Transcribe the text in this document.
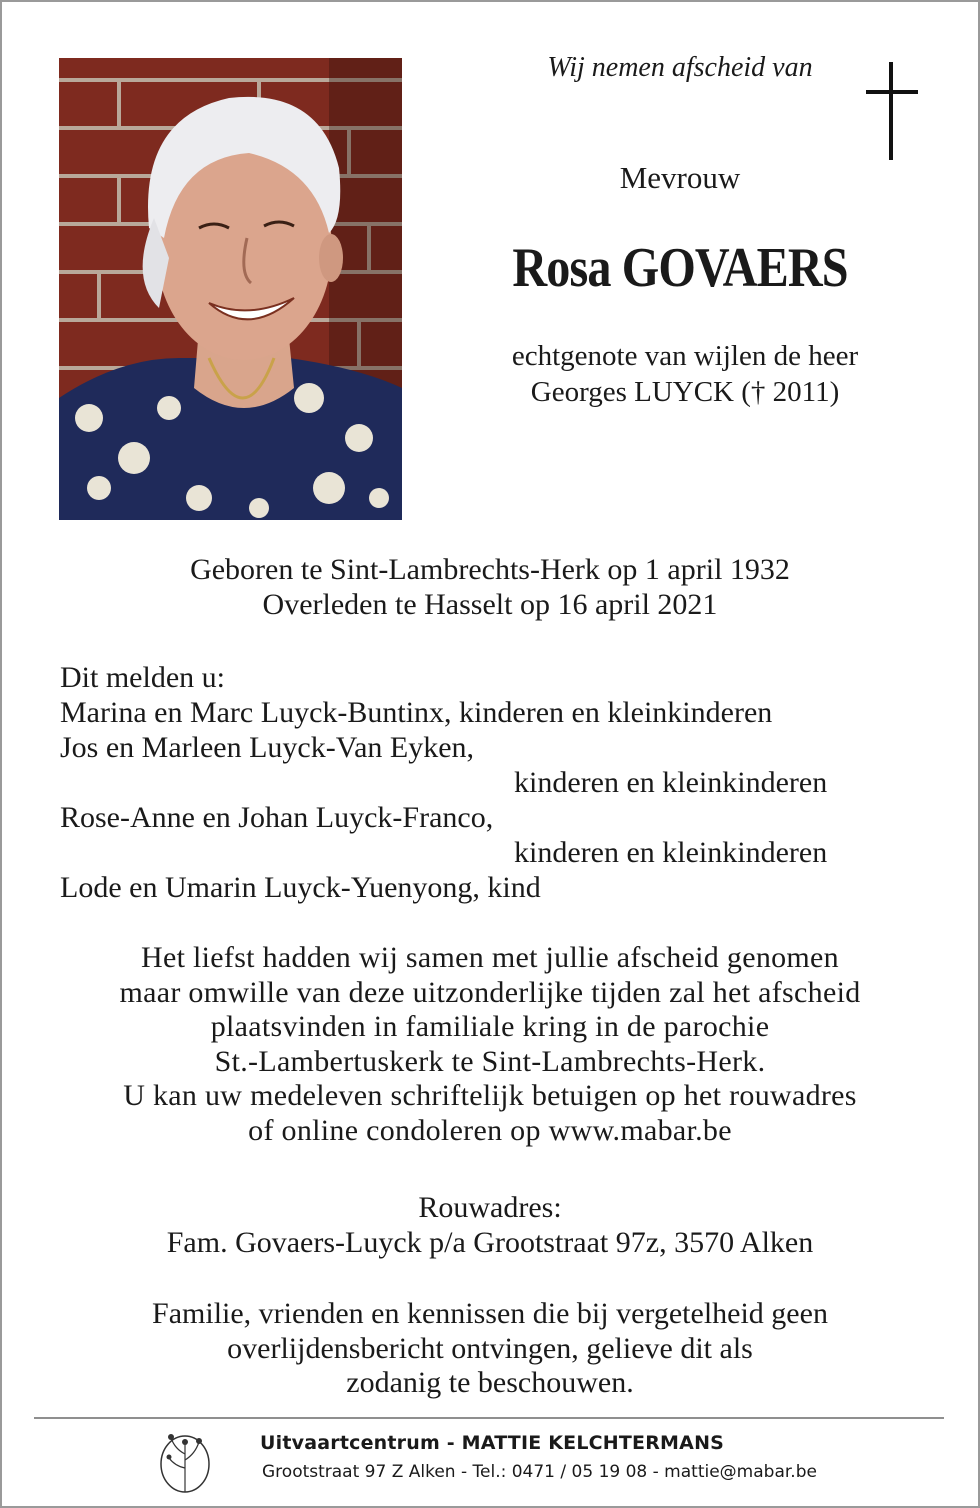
Wij nemen afscheid van
Mevrouw
Rosa GOVAERS
echtgenote van wijlen de heer
Georges LUYCK († 2011)
Geboren te Sint-Lambrechts-Herk op 1 april 1932
Overleden te Hasselt op 16 april 2021
Dit melden u:
Marina en Marc Luyck-Buntinx, kinderen en kleinkinderen
Jos en Marleen Luyck-Van Eyken,
kinderen en kleinkinderen
Rose-Anne en Johan Luyck-Franco,
kinderen en kleinkinderen
Lode en Umarin Luyck-Yuenyong, kind
Het liefst hadden wij samen met jullie afscheid genomen
maar omwille van deze uitzonderlijke tijden zal het afscheid
plaatsvinden in familiale kring in de parochie
St.-Lambertuskerk te Sint-Lambrechts-Herk.
U kan uw medeleven schriftelijk betuigen op het rouwadres
of online condoleren op www.mabar.be
Rouwadres:
Fam. Govaers-Luyck p/a Grootstraat 97z, 3570 Alken
Familie, vrienden en kennissen die bij vergetelheid geen
overlijdensbericht ontvingen, gelieve dit als
zodanig te beschouwen.
Uitvaartcentrum - MATTIE KELCHTERMANS
Grootstraat 97 Z Alken - Tel.: 0471 / 05 19 08 - mattie@mabar.be
